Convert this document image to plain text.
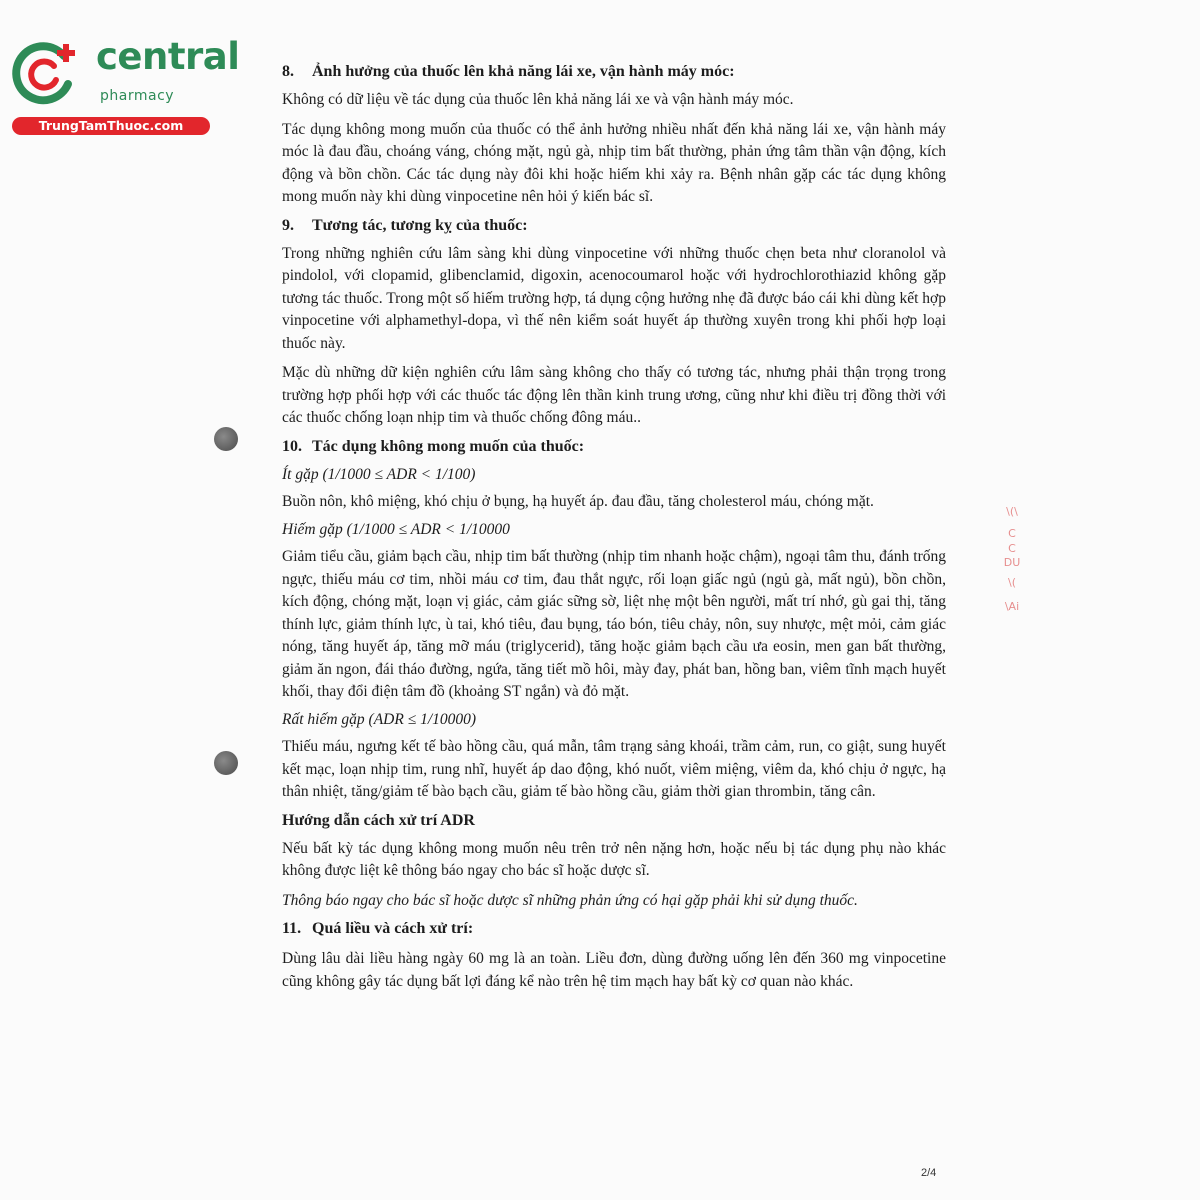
central
pharmacy
TrungTamThuoc.com
\(\
C
C
DU
\(
\Ai
8. Ảnh hưởng của thuốc lên khả năng lái xe, vận hành máy móc:

Không có dữ liệu về tác dụng của thuốc lên khả năng lái xe và vận hành máy móc.

Tác dụng không mong muốn của thuốc có thể ảnh hưởng nhiều nhất đến khả năng lái xe, vận hành máy móc là đau đầu, choáng váng, chóng mặt, ngủ gà, nhịp tim bất thường, phản ứng tâm thần vận động, kích động và bồn chồn. Các tác dụng này đôi khi hoặc hiếm khi xảy ra. Bệnh nhân gặp các tác dụng không mong muốn này khi dùng vinpocetine nên hỏi ý kiến bác sĩ.

9. Tương tác, tương kỵ của thuốc:

Trong những nghiên cứu lâm sàng khi dùng vinpocetine với những thuốc chẹn beta như cloranolol và pindolol, với clopamid, glibenclamid, digoxin, acenocoumarol hoặc với hydrochlorothiazid không gặp tương tác thuốc. Trong một số hiếm trường hợp, tá dụng cộng hưởng nhẹ đã được báo cái khi dùng kết hợp vinpocetine với alphamethyl-dopa, vì thế nên kiểm soát huyết áp thường xuyên trong khi phối hợp loại thuốc này.

Mặc dù những dữ kiện nghiên cứu lâm sàng không cho thấy có tương tác, nhưng phải thận trọng trong trường hợp phối hợp với các thuốc tác động lên thần kinh trung ương, cũng như khi điều trị đồng thời với các thuốc chống loạn nhịp tim và thuốc chống đông máu..

10. Tác dụng không mong muốn của thuốc:

Ít gặp (1/1000 ≤ ADR < 1/100)

Buồn nôn, khô miệng, khó chịu ở bụng, hạ huyết áp. đau đầu, tăng cholesterol máu, chóng mặt.

Hiếm gặp (1/1000 ≤ ADR < 1/10000

Giảm tiểu cầu, giảm bạch cầu, nhịp tim bất thường (nhịp tim nhanh hoặc chậm), ngoại tâm thu, đánh trống ngực, thiếu máu cơ tim, nhồi máu cơ tim, đau thắt ngực, rối loạn giấc ngủ (ngủ gà, mất ngủ), bồn chồn, kích động, chóng mặt, loạn vị giác, cảm giác sững sờ, liệt nhẹ một bên người, mất trí nhớ, gù gai thị, tăng thính lực, giảm thính lực, ù tai, khó tiêu, đau bụng, táo bón, tiêu chảy, nôn, suy nhược, mệt mỏi, cảm giác nóng, tăng huyết áp, tăng mỡ máu (triglycerid), tăng hoặc giảm bạch cầu ưa eosin, men gan bất thường, giảm ăn ngon, đái tháo đường, ngứa, tăng tiết mồ hôi, mày đay, phát ban, hồng ban, viêm tĩnh mạch huyết khối, thay đổi điện tâm đồ (khoảng ST ngắn) và đỏ mặt.

Rất hiếm gặp (ADR ≤ 1/10000)

Thiếu máu, ngưng kết tế bào hồng cầu, quá mẫn, tâm trạng sảng khoái, trầm cảm, run, co giật, sung huyết kết mạc, loạn nhịp tim, rung nhĩ, huyết áp dao động, khó nuốt, viêm miệng, viêm da, khó chịu ở ngực, hạ thân nhiệt, tăng/giảm tế bào bạch cầu, giảm tế bào hồng cầu, giảm thời gian thrombin, tăng cân.

Hướng dẫn cách xử trí ADR

Nếu bất kỳ tác dụng không mong muốn nêu trên trở nên nặng hơn, hoặc nếu bị tác dụng phụ nào khác không được liệt kê thông báo ngay cho bác sĩ hoặc dược sĩ.

Thông báo ngay cho bác sĩ hoặc dược sĩ những phản ứng có hại gặp phải khi sử dụng thuốc.

11. Quá liều và cách xử trí:

Dùng lâu dài liều hàng ngày 60 mg là an toàn. Liều đơn, dùng đường uống lên đến 360 mg vinpocetine cũng không gây tác dụng bất lợi đáng kể nào trên hệ tim mạch hay bất kỳ cơ quan nào khác.

2/4
